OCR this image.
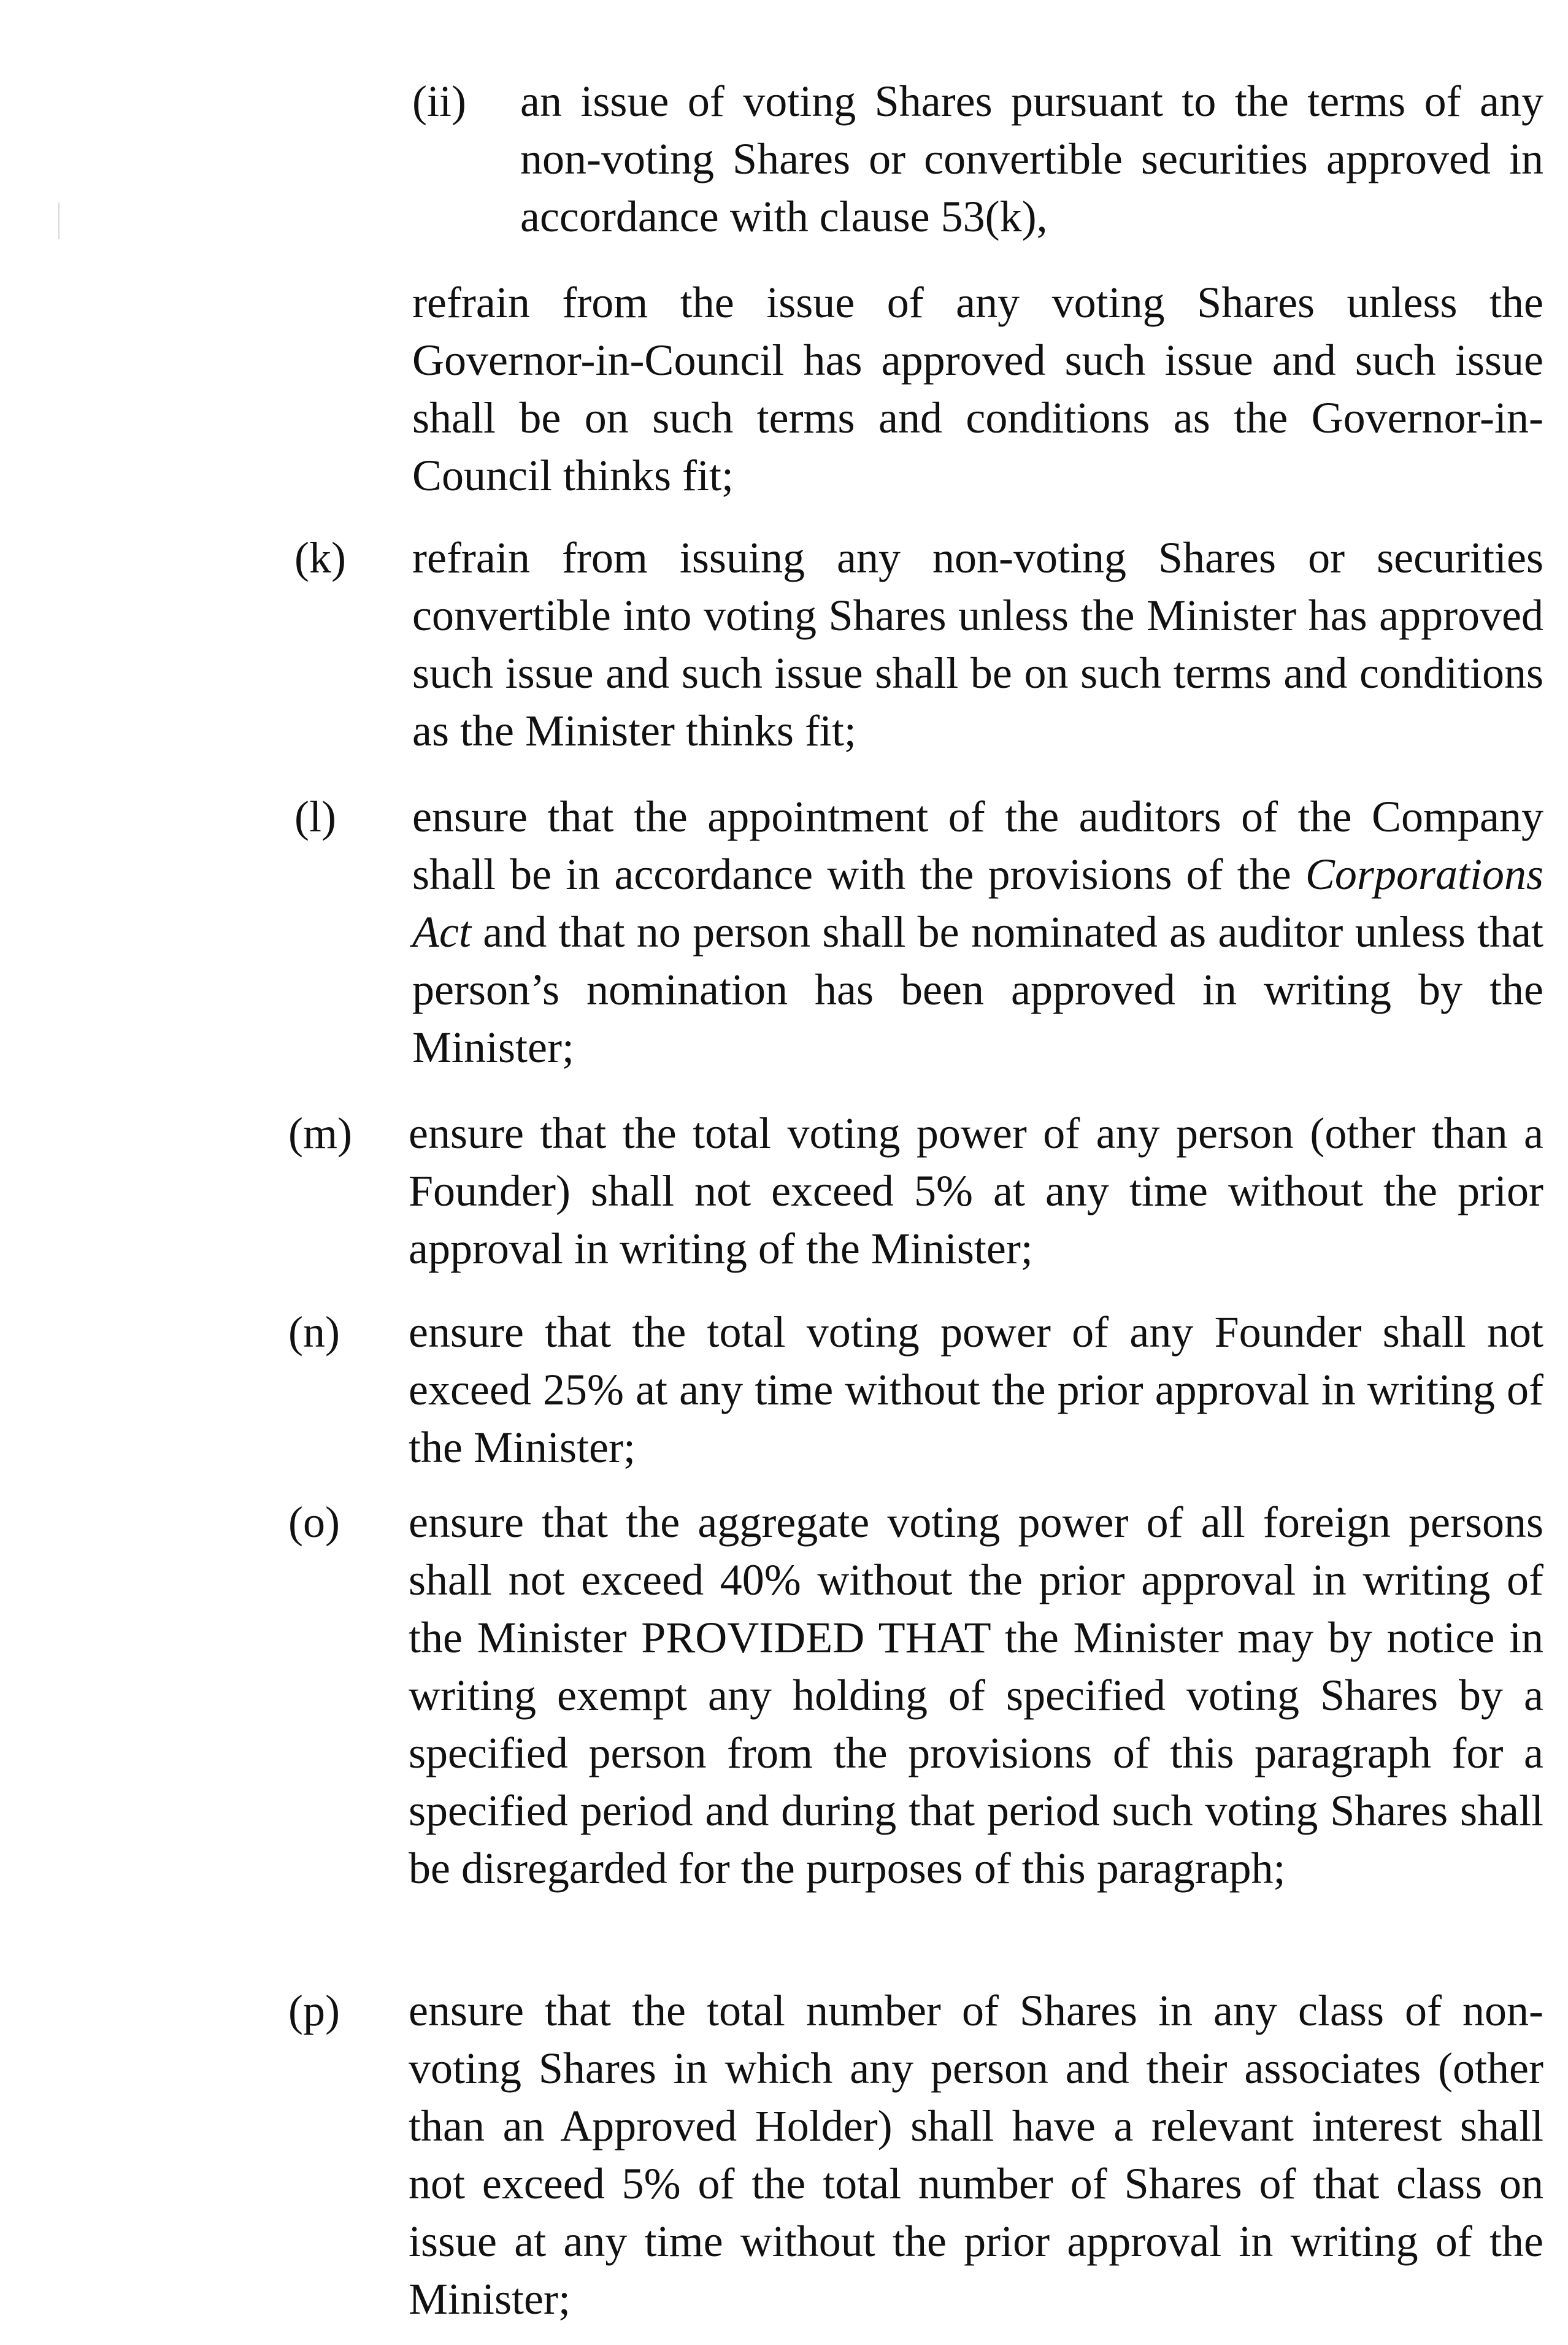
(ii) an issue of voting Shares pursuant to the terms of any non-voting Shares or convertible securities approved in accordance with clause 53(k),

refrain from the issue of any voting Shares unless the Governor-in-Council has approved such issue and such issue shall be on such terms and conditions as the Governor-in-Council thinks fit;

(k) refrain from issuing any non-voting Shares or securities convertible into voting Shares unless the Minister has approved such issue and such issue shall be on such terms and conditions as the Minister thinks fit;

(l) ensure that the appointment of the auditors of the Company shall be in accordance with the provisions of the Corporations Act and that no person shall be nominated as auditor unless that person’s nomination has been approved in writing by the Minister;

(m) ensure that the total voting power of any person (other than a Founder) shall not exceed 5% at any time without the prior approval in writing of the Minister;

(n) ensure that the total voting power of any Founder shall not exceed 25% at any time without the prior approval in writing of the Minister;

(o) ensure that the aggregate voting power of all foreign persons shall not exceed 40% without the prior approval in writing of the Minister PROVIDED THAT the Minister may by notice in writing exempt any holding of specified voting Shares by a specified person from the provisions of this paragraph for a specified period and during that period such voting Shares shall be disregarded for the purposes of this paragraph;

(p) ensure that the total number of Shares in any class of non-voting Shares in which any person and their associates (other than an Approved Holder) shall have a relevant interest shall not exceed 5% of the total number of Shares of that class on issue at any time without the prior approval in writing of the Minister;
